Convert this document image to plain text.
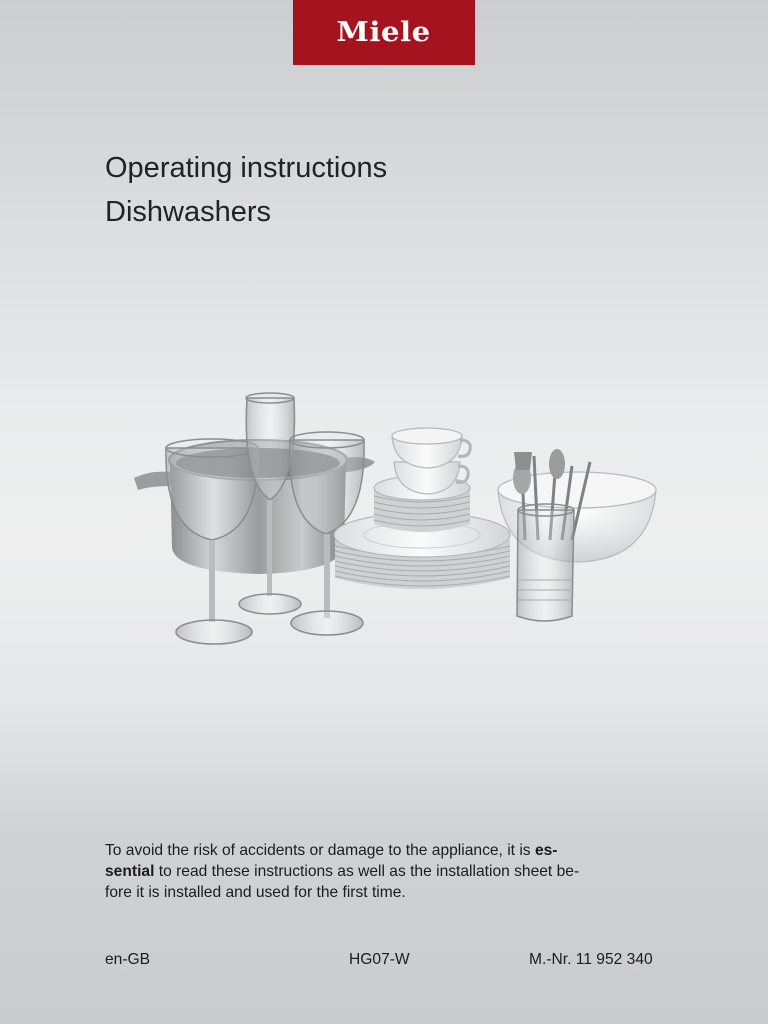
Miele
Operating instructions
Dishwashers
To avoid the risk of accidents or damage to the appliance, it is es-
sential to read these instructions as well as the installation sheet be-
fore it is installed and used for the first time.
en-GB	HG07-W	M.-Nr. 11 952 340
